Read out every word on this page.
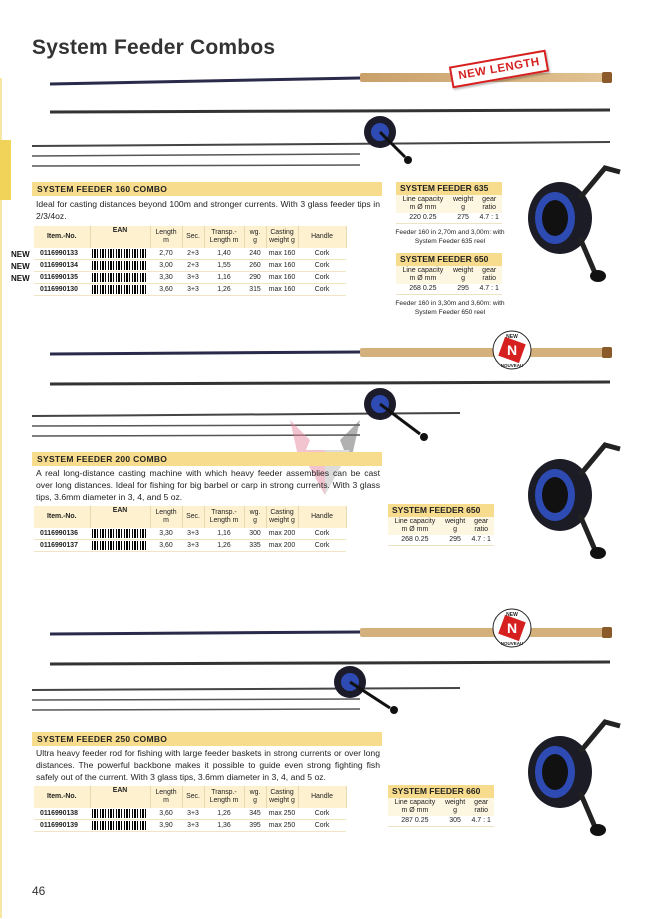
System Feeder Combos
NEW LENGTH
N
NEW
NOUVEAU
N
NEW
NOUVEAU
SYSTEM FEEDER 160 COMBO

Ideal for casting distances beyond 100m and stronger currents. With 3 glass feeder tips in 2/3/4oz.

Item.-No.	EAN	Length m	Sec.	Transp.-
Length m	wg.
g	Casting
weight g	Handle
0116990133		2,70	2+3	1,40	240	max 160	Cork
0116990134		3,00	2+3	1,55	260	max 160	Cork
0116990135		3,30	3+3	1,16	290	max 160	Cork
0116990130		3,60	3+3	1,26	315	max 160	Cork
NEW
NEW
NEW
SYSTEM FEEDER 635
Line capacity
m Ø mm	weight
g	gear
ratio
220 0.25	275	4.7 : 1
Feeder 160 in 2,70m and 3,00m: with System Feeder 635 reel
SYSTEM FEEDER 650
Line capacity
m Ø mm	weight
g	gear
ratio
268 0.25	295	4.7 : 1
Feeder 160 in 3,30m and 3,60m: with System Feeder 650 reel
SYSTEM FEEDER 200 COMBO

A real long-distance casting machine with which heavy feeder assemblies can be cast over long distances. Ideal for fishing for big barbel or carp in strong currents. With 3 glass tips, 3.6mm diameter in 3, 4, and 5 oz.

Item.-No.	EAN	Length m	Sec.	Transp.-
Length m	wg.
g	Casting
weight g	Handle
0116990136		3,30	3+3	1,16	300	max 200	Cork
0116990137		3,60	3+3	1,26	335	max 200	Cork
SYSTEM FEEDER 650
Line capacity
m Ø mm	weight
g	gear
ratio
268 0.25	295	4.7 : 1
SYSTEM FEEDER 250 COMBO

Ultra heavy feeder rod for fishing with large feeder baskets in strong currents or over long distances. The powerful backbone makes it possible to guide even strong fighting fish safely out of the current. With 3 glass tips, 3.6mm diameter in 3, 4, and 5 oz.

Item.-No.	EAN	Length m	Sec.	Transp.-
Length m	wg.
g	Casting
weight g	Handle
0116990138		3,60	3+3	1,26	345	max 250	Cork
0116990139		3,90	3+3	1,36	395	max 250	Cork
SYSTEM FEEDER 660
Line capacity
m Ø mm	weight
g	gear
ratio
287 0.25	305	4.7 : 1
46
